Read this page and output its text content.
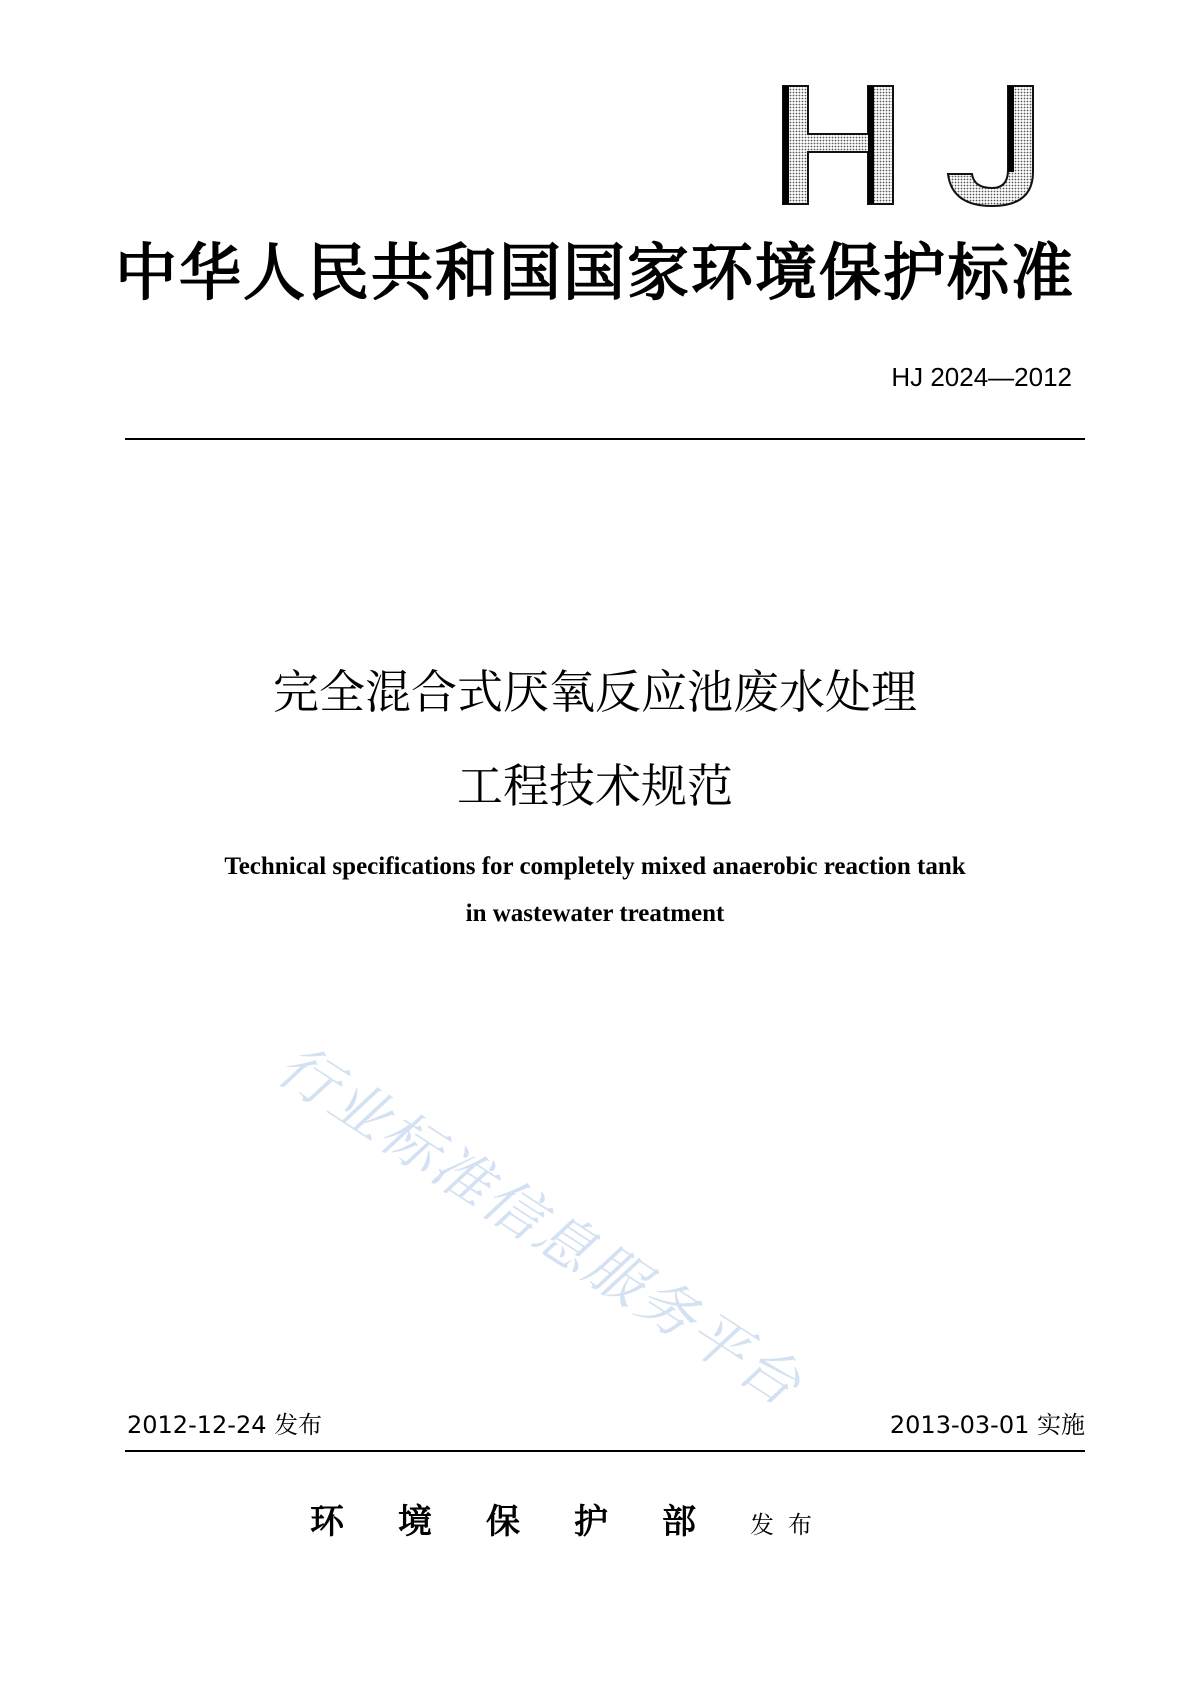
中华人民共和国国家环境保护标准
HJ 2024—2012
完全混合式厌氧反应池废水处理
工程技术规范
Technical specifications for completely mixed anaerobic reaction tank
in wastewater treatment
行业标准信息服务平台
2012-12-24 发布	2013-03-01 实施
环境保护部发布
